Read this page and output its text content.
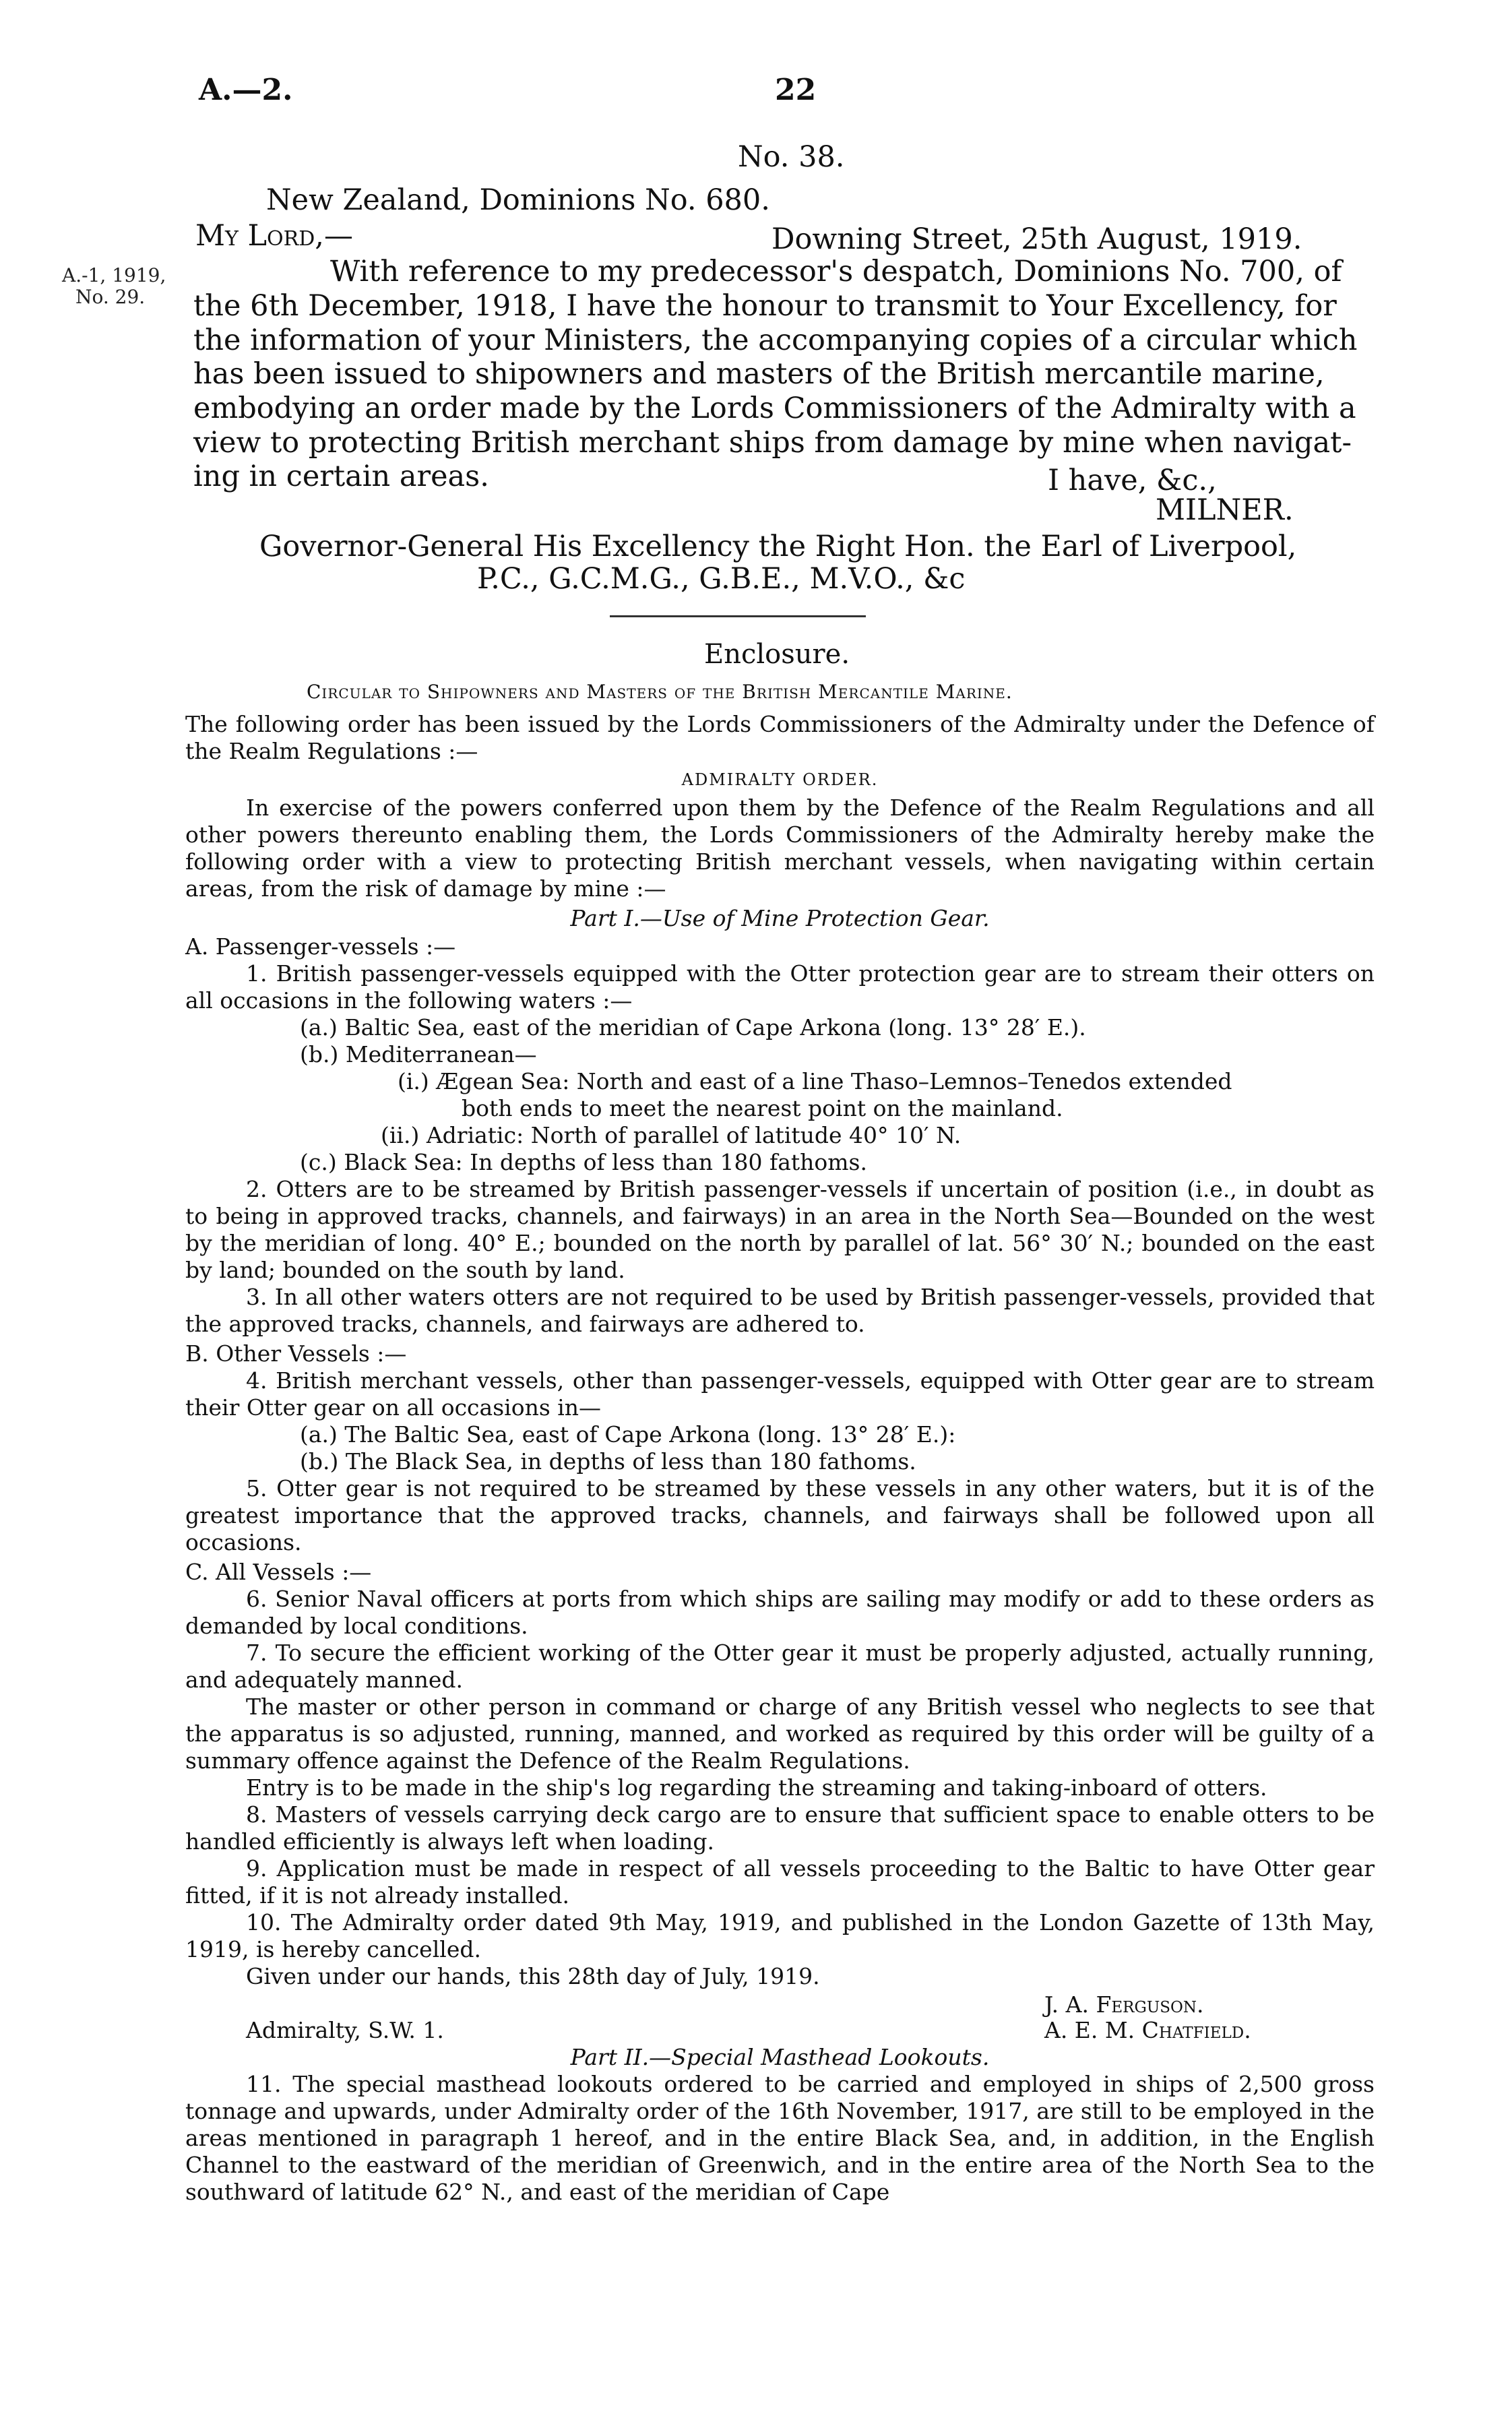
A.—2.	22
No. 38.
New Zealand, Dominions No. 680.
My Lord,—	Downing Street, 25th August, 1919.
A.-1, 1919,
No. 29.
With reference to my predecessor's despatch, Dominions No. 700, of
the 6th December, 1918, I have the honour to transmit to Your Excellency, for
the information of your Ministers, the accompanying copies of a circular which
has been issued to shipowners and masters of the British mercantile marine,
embodying an order made by the Lords Commissioners of the Admiralty with a
view to protecting British merchant ships from damage by mine when navigat-
ing in certain areas.	I have, &c.,
MILNER.
Governor-General His Excellency the Right Hon. the Earl of Liverpool,
P.C., G.C.M.G., G.B.E., M.V.O., &c
Enclosure.
Circular to Shipowners and Masters of the British Mercantile Marine.

The following order has been issued by the Lords Commissioners of the Admiralty under the Defence of the Realm Regulations :—

ADMIRALTY ORDER.

In exercise of the powers conferred upon them by the Defence of the Realm Regulations and all other powers thereunto enabling them, the Lords Commissioners of the Admiralty hereby make the following order with a view to protecting British merchant vessels, when navigating within certain areas, from the risk of damage by mine :—

Part I.—Use of Mine Protection Gear.
A. Passenger-vessels :—

1. British passenger-vessels equipped with the Otter protection gear are to stream their otters on all occasions in the following waters :—

(a.) Baltic Sea, east of the meridian of Cape Arkona (long. 13° 28′ E.).
(b.) Mediterranean—
(i.) Ægean Sea: North and east of a line Thaso–Lemnos–Tenedos extended
both ends to meet the nearest point on the mainland.
(ii.) Adriatic: North of parallel of latitude 40° 10′ N.
(c.) Black Sea: In depths of less than 180 fathoms.

2. Otters are to be streamed by British passenger-vessels if uncertain of position (i.e., in doubt as to being in approved tracks, channels, and fairways) in an area in the North Sea—Bounded on the west by the meridian of long. 40° E.; bounded on the north by parallel of lat. 56° 30′ N.; bounded on the east by land; bounded on the south by land.

3. In all other waters otters are not required to be used by British passenger-vessels, provided that the approved tracks, channels, and fairways are adhered to.

B. Other Vessels :—

4. British merchant vessels, other than passenger-vessels, equipped with Otter gear are to stream their Otter gear on all occasions in—

(a.) The Baltic Sea, east of Cape Arkona (long. 13° 28′ E.):
(b.) The Black Sea, in depths of less than 180 fathoms.

5. Otter gear is not required to be streamed by these vessels in any other waters, but it is of the greatest importance that the approved tracks, channels, and fairways shall be followed upon all occasions.

C. All Vessels :—

6. Senior Naval officers at ports from which ships are sailing may modify or add to these orders as demanded by local conditions.

7. To secure the efficient working of the Otter gear it must be properly adjusted, actually running, and adequately manned.

The master or other person in command or charge of any British vessel who neglects to see that the apparatus is so adjusted, running, manned, and worked as required by this order will be guilty of a summary offence against the Defence of the Realm Regulations.

Entry is to be made in the ship's log regarding the streaming and taking-inboard of otters.

8. Masters of vessels carrying deck cargo are to ensure that sufficient space to enable otters to be handled efficiently is always left when loading.

9. Application must be made in respect of all vessels proceeding to the Baltic to have Otter gear fitted, if it is not already installed.

10. The Admiralty order dated 9th May, 1919, and published in the London Gazette of 13th May, 1919, is hereby cancelled.

Given under our hands, this 28th day of July, 1919.

J. A. Ferguson.
A. E. M. Chatfield.
Admiralty, S.W. 1.
Part II.—Special Masthead Lookouts.

11. The special masthead lookouts ordered to be carried and employed in ships of 2,500 gross tonnage and upwards, under Admiralty order of the 16th November, 1917, are still to be employed in the areas mentioned in paragraph 1 hereof, and in the entire Black Sea, and, in addition, in the English Channel to the eastward of the meridian of Greenwich, and in the entire area of the North Sea to the southward of latitude 62° N., and east of the meridian of Cape
